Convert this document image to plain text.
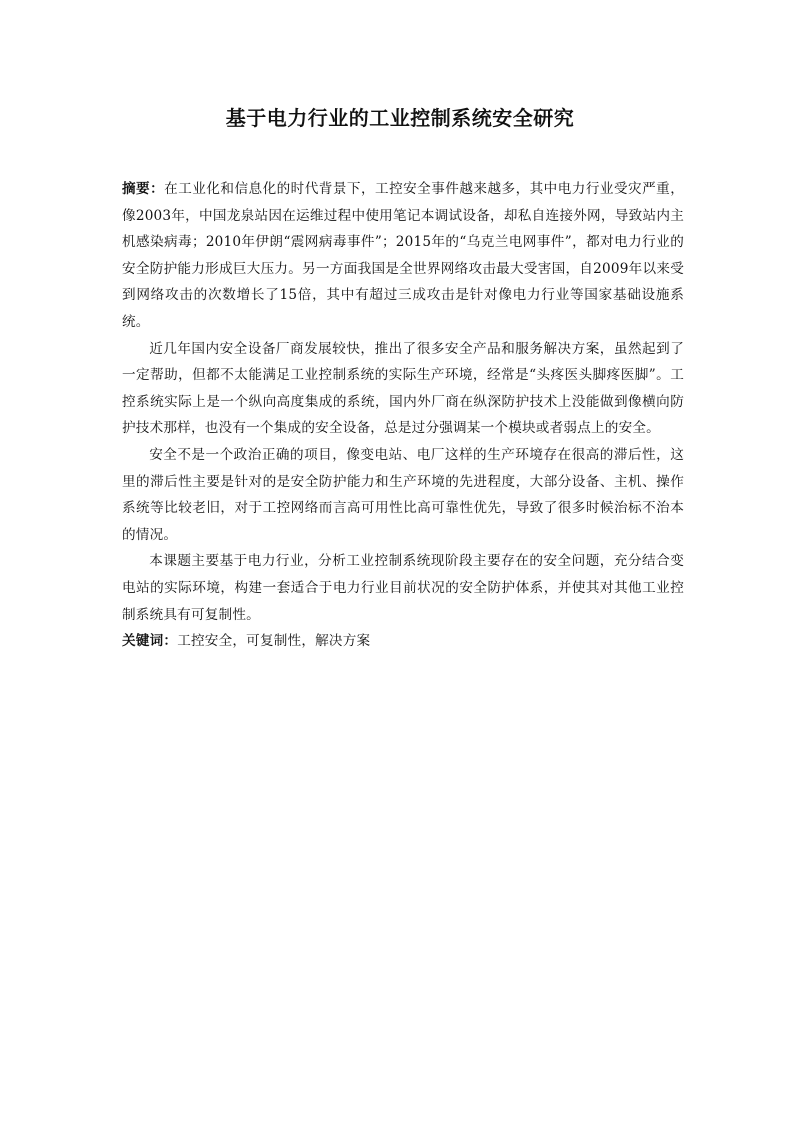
基于电力行业的工业控制系统安全研究

摘要：在工业化和信息化的时代背景下，工控安全事件越来越多，其中电力行业受灾严重，像2003年，中国龙泉站因在运维过程中使用笔记本调试设备，却私自连接外网，导致站内主机感染病毒；2010年伊朗“震网病毒事件”；2015年的“乌克兰电网事件”，都对电力行业的安全防护能力形成巨大压力。另一方面我国是全世界网络攻击最大受害国，自2009年以来受到网络攻击的次数增长了15倍，其中有超过三成攻击是针对像电力行业等国家基础设施系统。

近几年国内安全设备厂商发展较快，推出了很多安全产品和服务解决方案，虽然起到了一定帮助，但都不太能满足工业控制系统的实际生产环境，经常是“头疼医头脚疼医脚”。工控系统实际上是一个纵向高度集成的系统，国内外厂商在纵深防护技术上没能做到像横向防护技术那样，也没有一个集成的安全设备，总是过分强调某一个模块或者弱点上的安全。

安全不是一个政治正确的项目，像变电站、电厂这样的生产环境存在很高的滞后性，这里的滞后性主要是针对的是安全防护能力和生产环境的先进程度，大部分设备、主机、操作系统等比较老旧，对于工控网络而言高可用性比高可靠性优先，导致了很多时候治标不治本的情况。

本课题主要基于电力行业，分析工业控制系统现阶段主要存在的安全问题，充分结合变电站的实际环境，构建一套适合于电力行业目前状况的安全防护体系，并使其对其他工业控制系统具有可复制性。

关键词：工控安全，可复制性，解决方案
